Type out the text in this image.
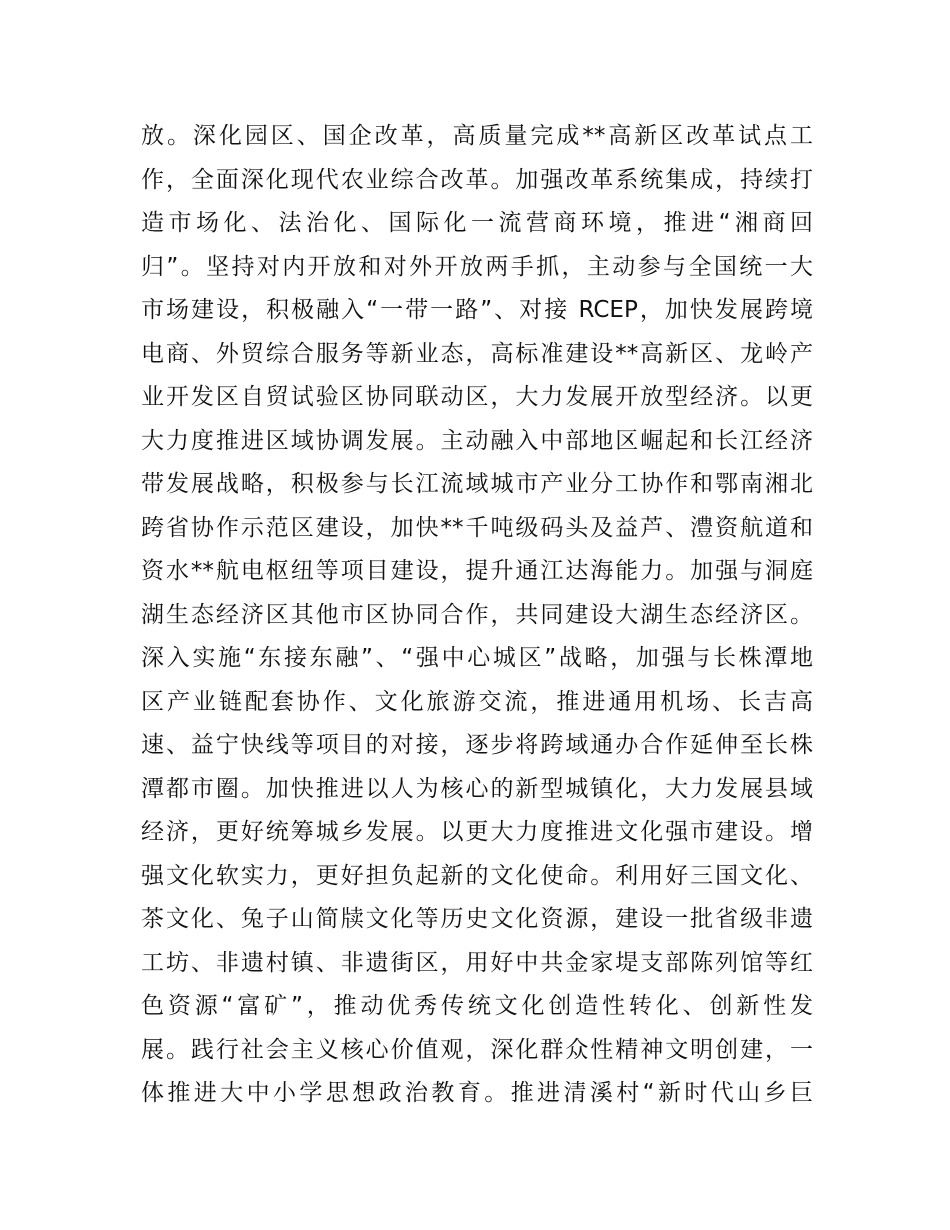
放。深化园区、国企改革，高质量完成**高新区改革试点工
作，全面深化现代农业综合改革。加强改革系统集成，持续打
造市场化、法治化、国际化一流营商环境，推进“湘商回
归”。坚持对内开放和对外开放两手抓，主动参与全国统一大
市场建设，积极融入“一带一路”、对接 RCEP，加快发展跨境
电商、外贸综合服务等新业态，高标准建设**高新区、龙岭产
业开发区自贸试验区协同联动区，大力发展开放型经济。以更
大力度推进区域协调发展。主动融入中部地区崛起和长江经济
带发展战略，积极参与长江流域城市产业分工协作和鄂南湘北
跨省协作示范区建设，加快**千吨级码头及益芦、澧资航道和
资水**航电枢纽等项目建设，提升通江达海能力。加强与洞庭
湖生态经济区其他市区协同合作，共同建设大湖生态经济区。
深入实施“东接东融”、“强中心城区”战略，加强与长株潭地
区产业链配套协作、文化旅游交流，推进通用机场、长吉高
速、益宁快线等项目的对接，逐步将跨域通办合作延伸至长株
潭都市圈。加快推进以人为核心的新型城镇化，大力发展县域
经济，更好统筹城乡发展。以更大力度推进文化强市建设。增
强文化软实力，更好担负起新的文化使命。利用好三国文化、
茶文化、兔子山简牍文化等历史文化资源，建设一批省级非遗
工坊、非遗村镇、非遗街区，用好中共金家堤支部陈列馆等红
色资源“富矿”，推动优秀传统文化创造性转化、创新性发
展。践行社会主义核心价值观，深化群众性精神文明创建，一
体推进大中小学思想政治教育。推进清溪村“新时代山乡巨
